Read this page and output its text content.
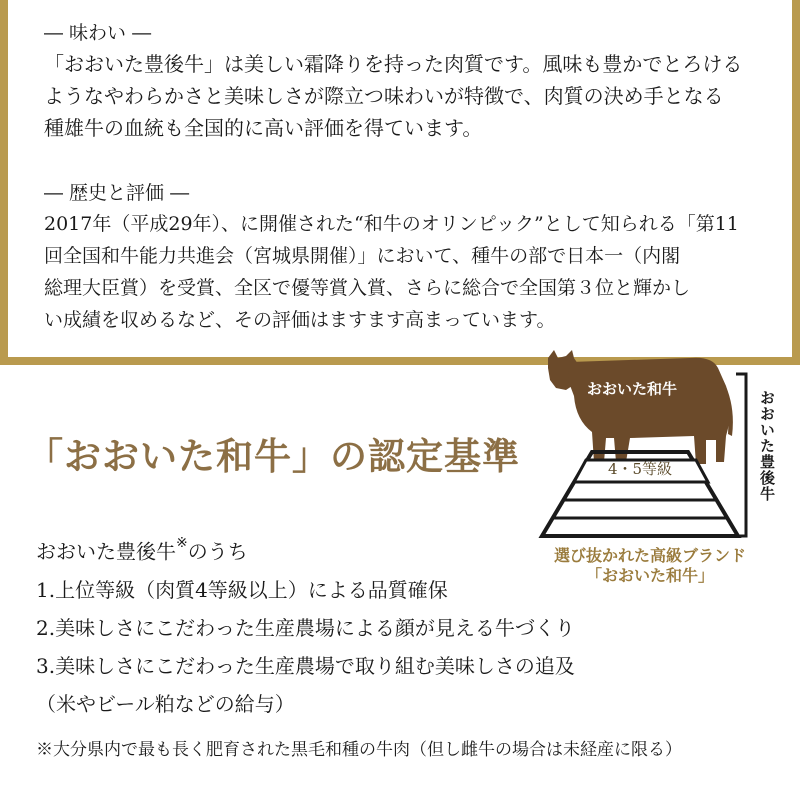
― 味わい ―

「おおいた豊後牛」は美しい霜降りを持った肉質です。風味も豊かでとろける

ようなやわらかさと美味しさが際立つ味わいが特徴で、肉質の決め手となる

種雄牛の血統も全国的に高い評価を得ています。

― 歴史と評価 ―

2017年（平成29年）、に開催された“和牛のオリンピック”として知られる「第11

回全国和牛能力共進会（宮城県開催）」において、種牛の部で日本一（内閣

総理大臣賞）を受賞、全区で優等賞入賞、さらに総合で全国第３位と輝かし

い成績を収めるなど、その評価はますます高まっています。

「おおいた和牛」の認定基準
おおいた和牛
4・5等級	おおいた豊後牛
選び抜かれた高級ブランド
「おおいた和牛」

おおいた豊後牛※のうち

1.上位等級（肉質4等級以上）による品質確保

2.美味しさにこだわった生産農場による顔が見える牛づくり

3.美味しさにこだわった生産農場で取り組む美味しさの追及

（米やビール粕などの給与）

※大分県内で最も長く肥育された黒毛和種の牛肉（但し雌牛の場合は未経産に限る）
